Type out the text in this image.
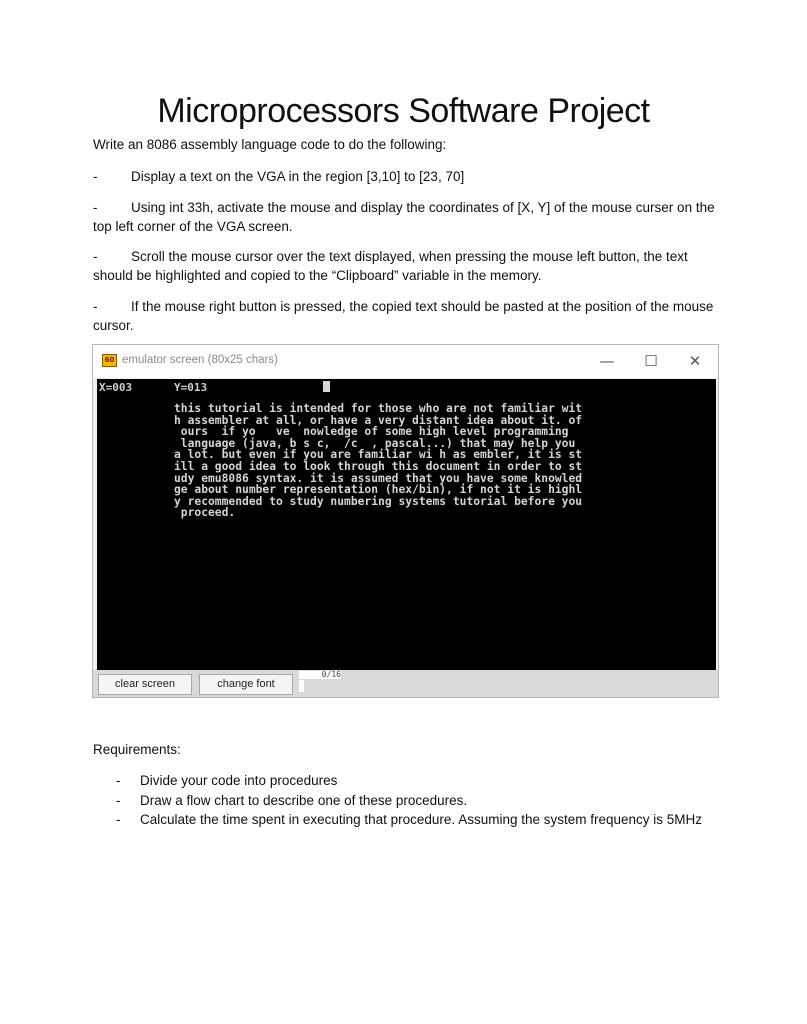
Microprocessors Software Project
Write an 8086 assembly language code to do the following:
- Display a text on the VGA in the region [3,10] to [23, 70]
- Using int 33h, activate the mouse and display the coordinates of [X, Y] of the mouse curser on the top left corner of the VGA screen.
- Scroll the mouse cursor over the text displayed, when pressing the mouse left button, the text should be highlighted and copied to the “Clipboard” variable in the memory.
- If the mouse right button is pressed, the copied text should be pasted at the position of the mouse cursor.
60 emulator screen (80x25 chars)	—	☐	✕
X=003	Y=013
this tutorial is intended for those who are not familiar wit
h assembler at all, or have a very distant idea about it. of
ours  if yo   ve  nowledge of some high level programming
language (java, b s c,  /c  , pascal...) that may help you
a lot. but even if you are familiar wi h as embler, it is st
ill a good idea to look through this document in order to st
udy emu8086 syntax. it is assumed that you have some knowled
ge about number representation (hex/bin), if not it is highl
y recommended to study numbering systems tutorial before you
proceed.
clear screen	change font
0/16
Requirements:
- Divide your code into procedures
- Draw a flow chart to describe one of these procedures.
- Calculate the time spent in executing that procedure. Assuming the system frequency is 5MHz
